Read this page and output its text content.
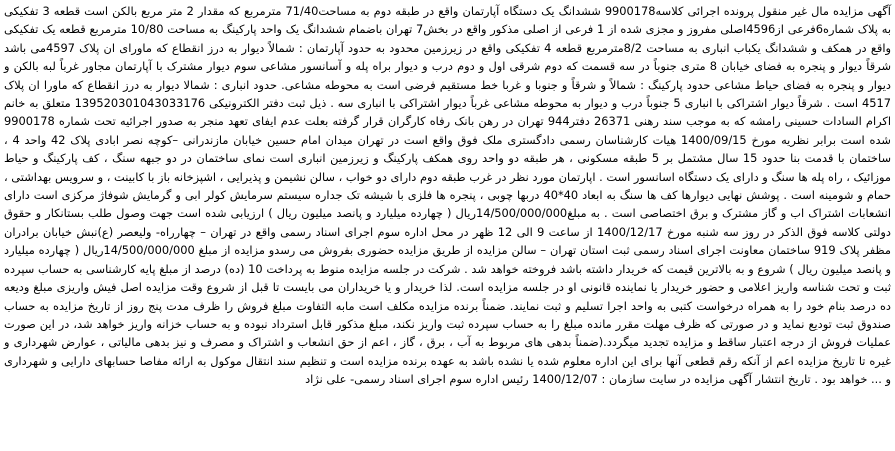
آگهی مزایده مال غیر منقول پرونده اجرائی کلاسه9900178 ششدانگ یک دستگاه آپارتمان واقع در طبقه دوم به مساحت71/40 مترمربع که مقدار 2 متر مربع بالکن است قطعه 3 تفکیکی به پلاک شماره6فرعی از4596اصلی مفروز و مجزی شده از 1 فرعی از اصلی مذکور واقع در بخش7 تهران باضمام ششدانگ یک واحد پارکینگ به مساحت 10/80 مترمربع قطعه یک تفکیکی واقع در همکف و ششدانگ یکباب انباری به مساحت 8/2مترمربع قطعه 4 تفکیکی واقع در زیرزمین محدود به حدود آپارتمان : شمالاً دیوار به درز انقطاع که ماورای ان پلاک 4597می باشد شرقاً دیوار و پنجره به فضای خیابان 8 متری جنوباً در سه قسمت که دوم شرقی اول و دوم درب و دیوار براه پله و آسانسور مشاعی سوم دیوار مشترک با آپارتمان مجاور غرباً لبه بالکن و دیوار و پنجره به فضای حیاط مشاعی حدود پارکینگ : شمالاً و شرقاً و جنوبا و غربا خط مستقیم فرضی است به محوطه مشاعی. حدود انباری : شمالا دیوار به درز انقطاع که ماورا ان پلاک 4517 است . شرقاً دیوار اشتراکی با انباری 5 جنوباً درب و دیوار به محوطه مشاعی غرباً دیوار اشتراکی با انباری سه . ذیل ثبت دفتر الکترونیکی 139520301043033176 متعلق به خانم اکرام السادات حسینی رامشه که به موجب سند رهنی 26371 دفتر944 تهران در رهن بانک رفاه کارگران قرار گرفته بعلت عدم ایفای تعهد منجر به صدور اجرائیه تحت شماره 9900178 شده است برابر نظریه مورخ 1400/09/15 هیات کارشناسان رسمی دادگستری ملک فوق واقع است در تهران میدان امام حسین خیابان مازندرانی –کوچه نصر ابادی پلاک 42 واحد 4 ، ساختمان با قدمت بنا حدود 15 سال مشتمل بر 5 طبقه مسکونی ، هر طبقه دو واحد روی همکف پارکینگ و زیرزمین انباری است نمای ساختمان در دو جبهه سنگ ، کف پارکینگ و حیاط موزائیک ، راه پله ها سنگ و دارای یک دستگاه اسانسور است . اپارتمان مورد نظر در غرب طبقه دوم دارای دو خواب ، سالن نشیمن و پذیرایی ، اشپزخانه باز با کابینت ، و سرویس بهداشتی ، حمام و شومینه است . پوشش نهایی دیوارها کف ها سنگ به ابعاد 40*40 دربها چوبی ، پنجره ها فلزی با شیشه تک جداره سیستم سرمایش کولر ابی و گرمایش شوفاژ مرکزی است دارای انشعابات اشتراک اب و گاز مشترک و برق اختصاصی است . به مبلغ14/500/000/000ریال ( چهارده میلیارد و پانصد میلیون ریال ) ارزیابی شده است جهت وصول طلب بستانکار و حقوق دولتی کلاسه فوق الذکر در روز سه شنبه مورخ 1400/12/17 از ساعت 9 الی 12 ظهر در محل اداره سوم اجرای اسناد رسمی واقع در تهران – چهارراه- ولیعصر (ع)نبش خیابان برادران مظفر پلاک 919 ساختمان معاونت اجرای اسناد رسمی ثبت استان تهران – سالن مزایده از طریق مزایده حضوری بفروش می رسدو مزایده از مبلغ 14/500/000/000ریال ( چهارده میلیارد و پانصد میلیون ریال ) شروع و به بالاترین قیمت که خریدار داشته باشد فروخته خواهد شد . شرکت در جلسه مزایده منوط به پرداخت 10 (ده) درصد از مبلغ پایه کارشناسی به حساب سپرده ثبت و تحت شناسه واریز اعلامی و حضور خریدار یا نماینده قانونی او در جلسه مزایده است. لذا خریدار و یا خریداران می بایست تا قبل از شروع وقت مزایده اصل فیش واریزی مبلغ ودیعه ده درصد بنام خود را به همراه درخواست کتبی به واحد اجرا تسلیم و ثبت نمایند. ضمناً برنده مزایده مکلف است مابه التفاوت مبلغ فروش را ظرف مدت پنج روز از تاریخ مزایده به حساب صندوق ثبت تودیع نماید و در صورتی که ظرف مهلت مقرر مانده مبلغ را به حساب سپرده ثبت واریز نکند، مبلغ مذکور قابل استرداد نبوده و به حساب خزانه واریز خواهد شد، در این صورت عملیات فروش از درجه اعتبار ساقط و مزایده تجدید میگردد.(ضمناً بدهی های مربوط به آب ، برق ، گاز ، اعم از حق انشعاب و اشتراک و مصرف و نیز بدهی مالیاتی ، عوارض شهرداری و غیره تا تاریخ مزایده اعم از آنکه رقم قطعی آنها برای این اداره معلوم شده یا نشده باشد به عهده برنده مزایده است و تنظیم سند انتقال موکول به ارائه مفاصا حسابهای دارایی و شهرداری و ... خواهد بود . تاریخ انتشار آگهی مزایده در سایت سازمان : 1400/12/07 رئیس اداره سوم اجرای اسناد رسمی- علی نژاد
